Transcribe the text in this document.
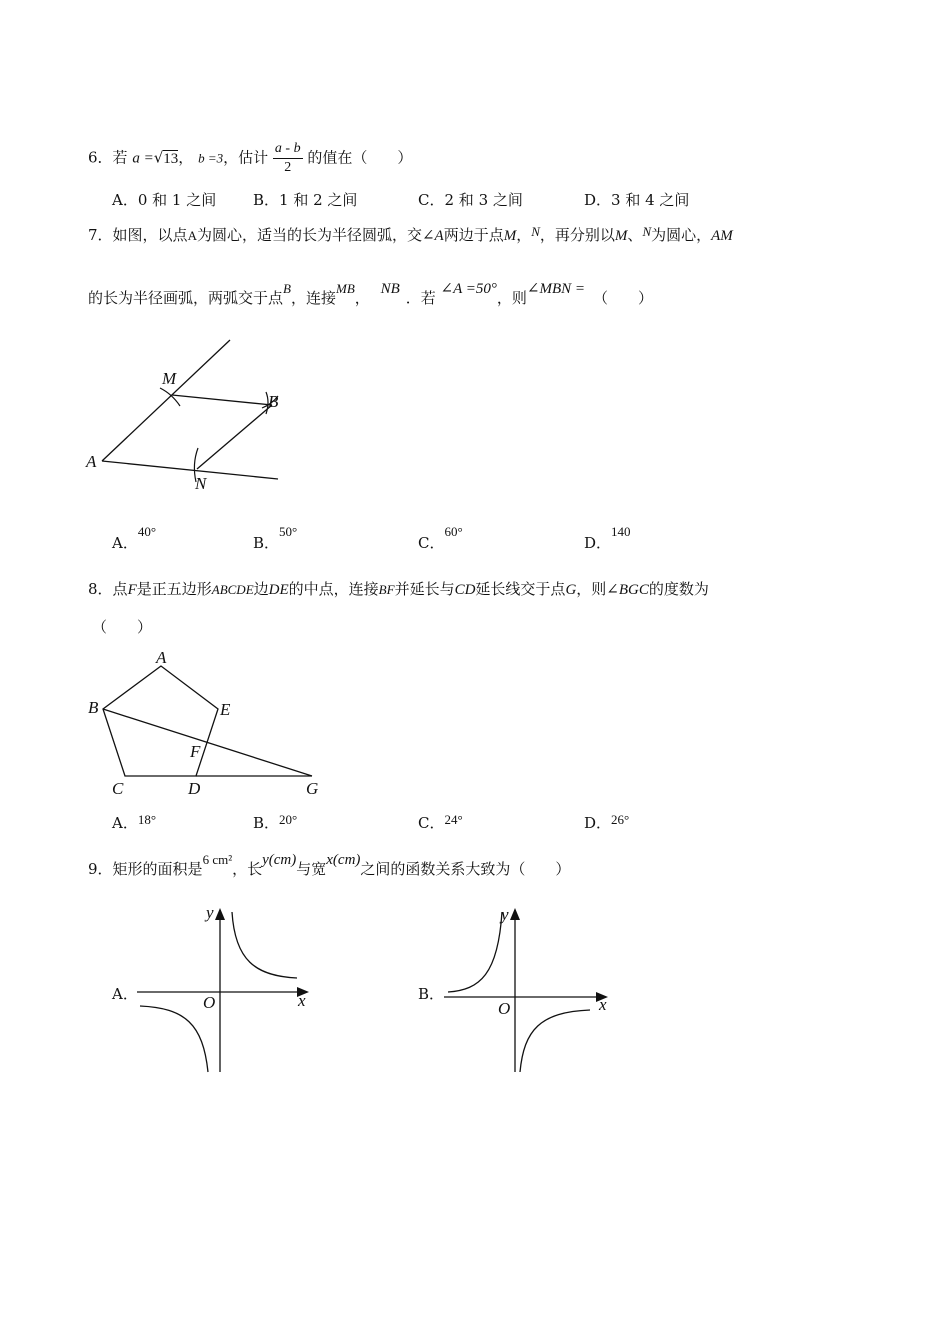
6．若 a =√13， b =3，估计 $\frac{a - b}{2}$ 的值在（　　）
A．0 和 1 之间 B．1 和 2 之间	C．2 和 3 之间	D．3 和 4 之间
7．如图，以点A为圆心，适当的长为半径圆弧，交∠A两边于点M，N，再分别以M、N为圆心，AM
的长为半径画弧，两弧交于点B，连接MB， NB ．若 ∠A =50°，则∠MBN = （　　）
M
B
A
N
A．40°
B．50°
C．60°
D．140
8．点F是正五边形ABCDE边DE的中点，连接BF并延长与CD延长线交于点G，则∠BGC的度数为
（　　）
A
B	E
F
C	D	G
A．18°	B．20°	C．24°	D．26°
9．矩形的面积是6 cm²，长y(cm)与宽x(cm)之间的函数关系大致为（　　）
A．
y
x
O	B．
y
x
O
